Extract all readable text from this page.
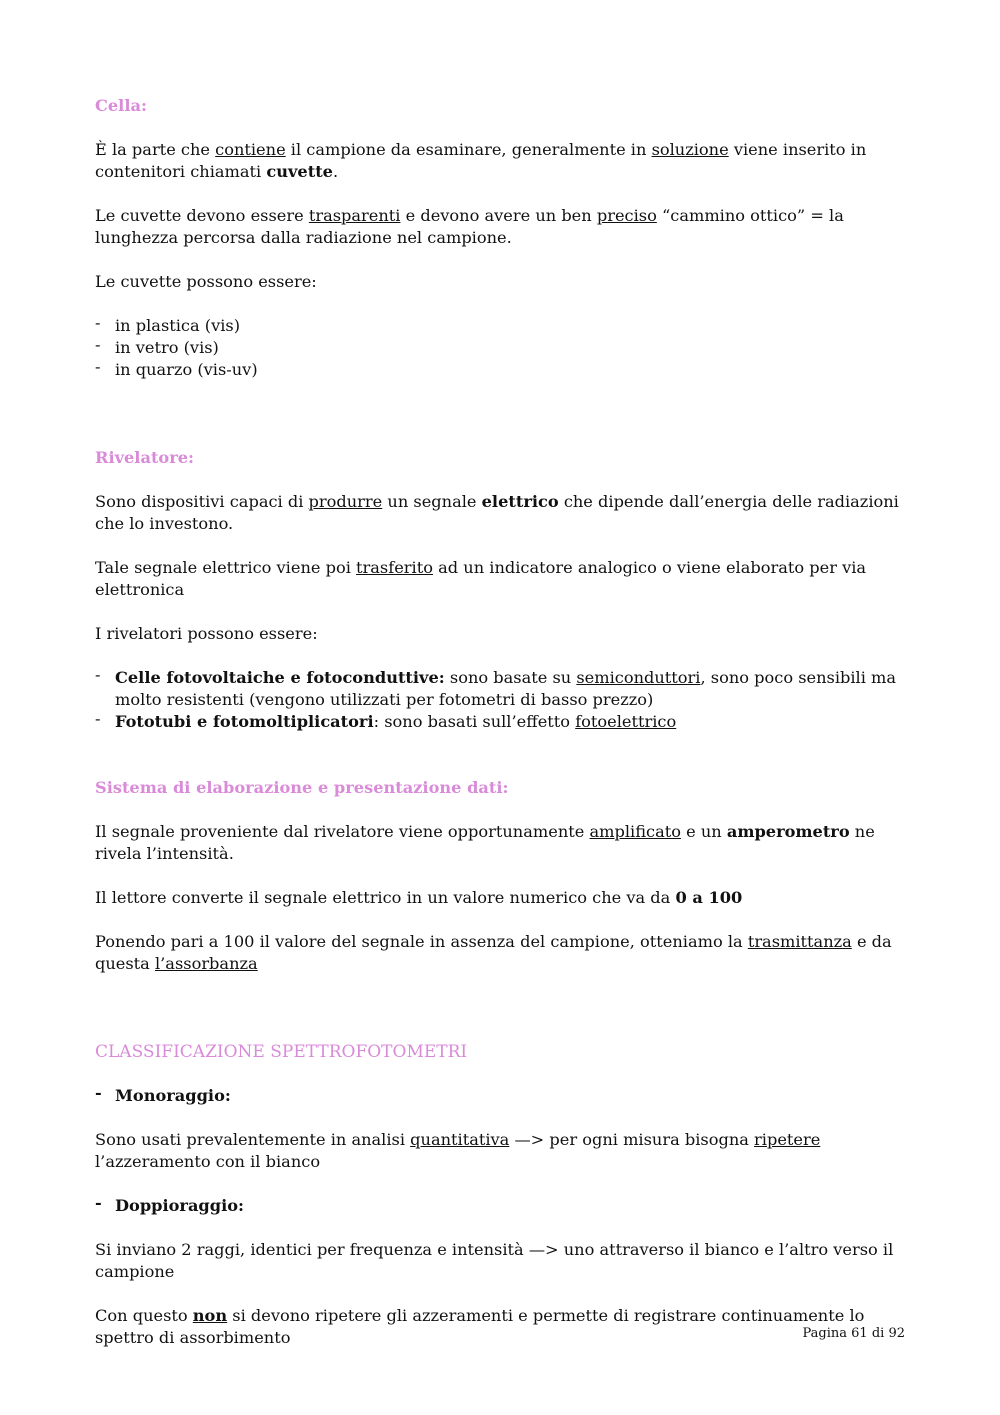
Cella:

È la parte che contiene il campione da esaminare, generalmente in soluzione viene inserito in contenitori chiamati cuvette.

Le cuvette devono essere trasparenti e devono avere un ben preciso “cammino ottico” = la lunghezza percorsa dalla radiazione nel campione.

Le cuvette possono essere:

- in plastica (vis)
- in vetro (vis)
- in quarzo (vis-uv)

Rivelatore:

Sono dispositivi capaci di produrre un segnale elettrico che dipende dall’energia delle radiazioni che lo investono.

Tale segnale elettrico viene poi trasferito ad un indicatore analogico o viene elaborato per via elettronica

I rivelatori possono essere:

- Celle fotovoltaiche e fotoconduttive: sono basate su semiconduttori, sono poco sensibili ma molto resistenti (vengono utilizzati per fotometri di basso prezzo)
- Fototubi e fotomoltiplicatori: sono basati sull’effetto fotoelettrico

Sistema di elaborazione e presentazione dati:

Il segnale proveniente dal rivelatore viene opportunamente amplificato e un amperometro ne rivela l’intensità.

Il lettore converte il segnale elettrico in un valore numerico che va da 0 a 100

Ponendo pari a 100 il valore del segnale in assenza del campione, otteniamo la trasmittanza e da questa l’assorbanza

CLASSIFICAZIONE SPETTROFOTOMETRI

- Monoraggio:

Sono usati prevalentemente in analisi quantitativa —> per ogni misura bisogna ripetere l’azzeramento con il bianco

- Doppioraggio:

Si inviano 2 raggi, identici per frequenza e intensità —> uno attraverso il bianco e l’altro verso il campione

Con questo non si devono ripetere gli azzeramenti e permette di registrare continuamente lo spettro di assorbimento	Pagina 61 di 92
